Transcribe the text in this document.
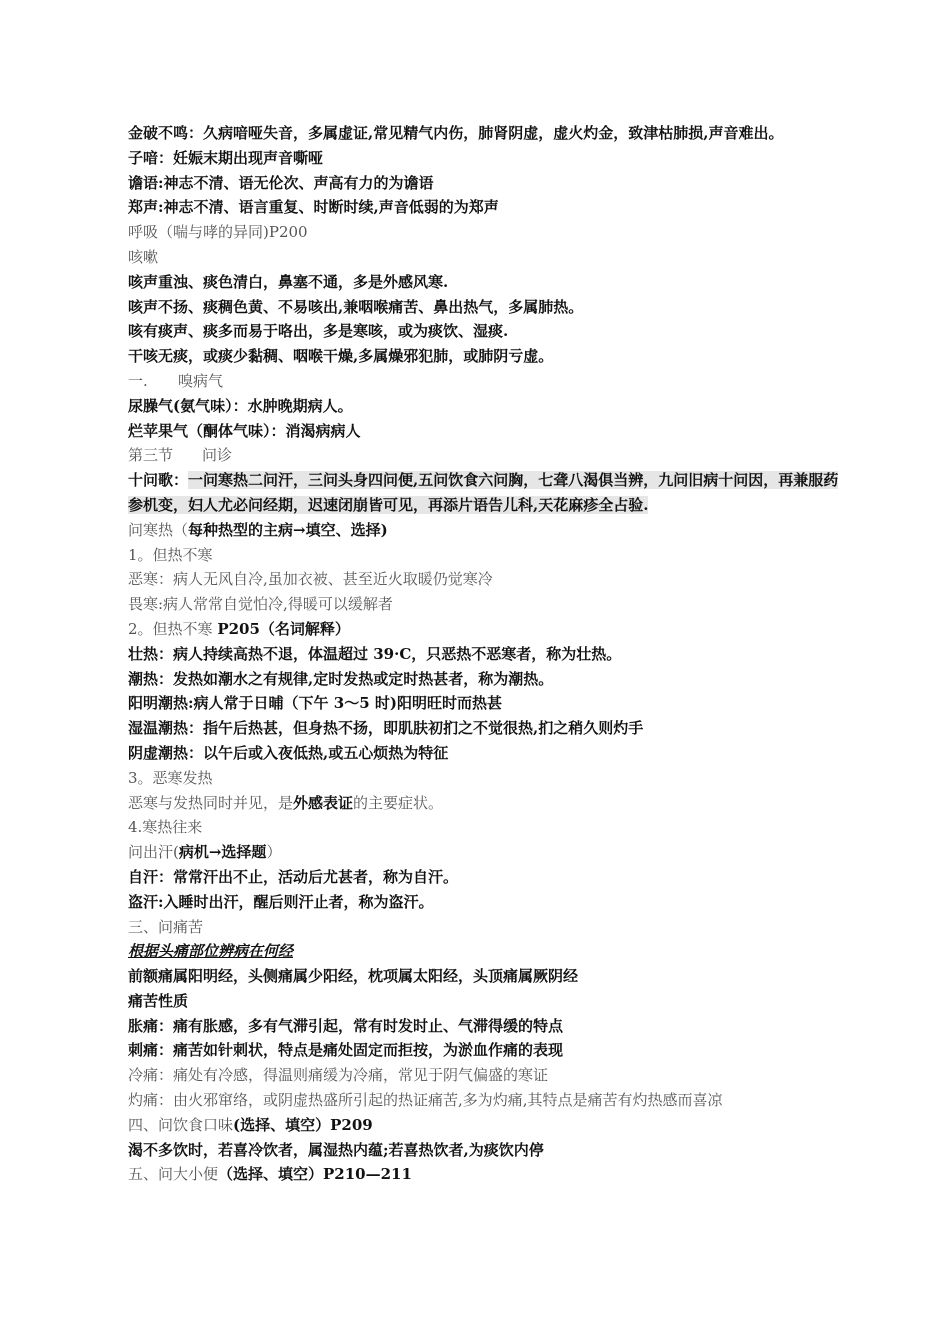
金破不鸣：久病喑哑失音，多属虚证,常见精气内伤，肺肾阴虚，虚火灼金，致津枯肺损,声音难出。
子喑：妊娠末期出现声音嘶哑
谵语:神志不清、语无伦次、声高有力的为谵语
郑声:神志不清、语言重复、时断时续,声音低弱的为郑声
呼吸（喘与哮的异同)P200
咳嗽
咳声重浊、痰色清白，鼻塞不通，多是外感风寒.
咳声不扬、痰稠色黄、不易咳出,兼咽喉痛苦、鼻出热气，多属肺热。
咳有痰声、痰多而易于咯出，多是寒咳，或为痰饮、湿痰.
干咳无痰，或痰少黏稠、咽喉干燥,多属燥邪犯肺，或肺阴亏虚。
一. 嗅病气
尿臊气(氨气味）：水肿晚期病人。
烂苹果气（酮体气味）：消渴病病人
第三节 问诊
十问歌：一问寒热二问汗，三问头身四问便,五问饮食六问胸，七聋八渴俱当辨，九问旧病十问因，再兼服药参机变，妇人尤必问经期，迟速闭崩皆可见，再添片语告儿科,天花麻疹全占验.
问寒热（每种热型的主病→填空、选择)
1。但热不寒
恶寒：病人无风自冷,虽加衣被、甚至近火取暖仍觉寒冷
畏寒:病人常常自觉怕冷,得暖可以缓解者
2。但热不寒 P205（名词解释）
壮热：病人持续高热不退，体温超过 39·C，只恶热不恶寒者，称为壮热。
潮热：发热如潮水之有规律,定时发热或定时热甚者，称为潮热。
阳明潮热:病人常于日晡（下午 3～5 时)阳明旺时而热甚
湿温潮热：指午后热甚，但身热不扬，即肌肤初扪之不觉很热,扪之稍久则灼手
阴虚潮热：以午后或入夜低热,或五心烦热为特征
3。恶寒发热
恶寒与发热同时并见，是外感表证的主要症状。
4.寒热往来
问出汗(病机→选择题）
自汗：常常汗出不止，活动后尤甚者，称为自汗。
盗汗:入睡时出汗，醒后则汗止者，称为盗汗。
三、问痛苦
根据头痛部位辨病在何经
前额痛属阳明经，头侧痛属少阳经，枕项属太阳经，头顶痛属厥阴经
痛苦性质
胀痛：痛有胀感，多有气滞引起，常有时发时止、气滞得缓的特点
刺痛：痛苦如针刺状，特点是痛处固定而拒按，为淤血作痛的表现
冷痛：痛处有冷感，得温则痛缓为冷痛，常见于阴气偏盛的寒证
灼痛：由火邪窜络，或阴虚热盛所引起的热证痛苦,多为灼痛,其特点是痛苦有灼热感而喜凉
四、问饮食口味(选择、填空）P209
渴不多饮时，若喜冷饮者，属湿热内蕴;若喜热饮者,为痰饮内停
五、问大小便（选择、填空）P210—211
